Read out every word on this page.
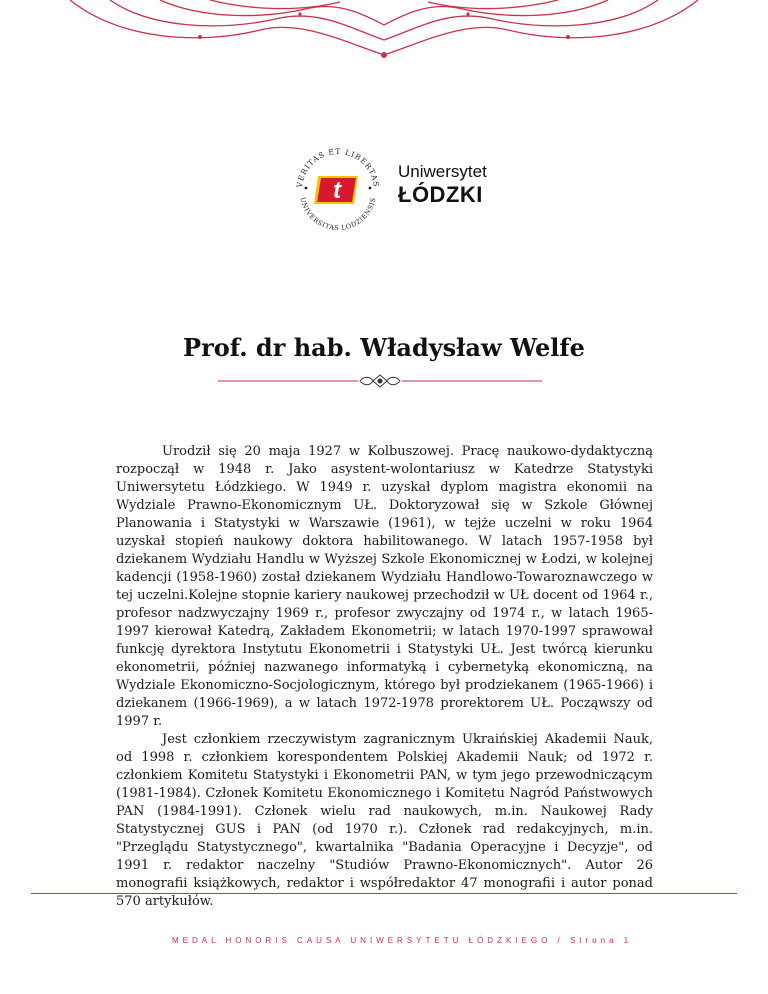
VERITAS ET LIBERTAS
UNIVERSITAS LODZIENSIS
t
Uniwersytet
ŁÓDZKI
Prof. dr hab. Władysław Welfe

Urodził się 20 maja 1927 w Kolbuszowej. Pracę naukowo-dydaktyczną rozpoczął w 1948 r. Jako asystent-wolontariusz w Katedrze Statystyki Uniwersytetu Łódzkiego. W 1949 r. uzyskał dyplom magistra ekonomii na Wydziale Prawno-Ekonomicznym UŁ. Doktoryzował się w Szkole Głównej Planowania i Statystyki w Warszawie (1961), w tejże uczelni w roku 1964 uzyskał stopień naukowy doktora habilitowanego. W latach 1957-1958 był dziekanem Wydziału Handlu w Wyższej Szkole Ekonomicznej w Łodzi, w kolejnej kadencji (1958-1960) został dziekanem Wydziału Handlowo-Towaroznawczego w tej uczelni.Kolejne stopnie kariery naukowej przechodził w UŁ docent od 1964 r., profesor nadzwyczajny 1969 r., profesor zwyczajny od 1974 r., w latach 1965-1997 kierował Katedrą, Zakładem Ekonometrii; w latach 1970-1997 sprawował funkcję dyrektora Instytutu Ekonometrii i Statystyki UŁ. Jest twórcą kierunku ekonometrii, później nazwanego informatyką i cybernetyką ekonomiczną, na Wydziale Ekonomiczno-Socjologicznym, którego był prodziekanem (1965-1966) i dziekanem (1966-1969), a w latach 1972-1978 prorektorem UŁ. Począwszy od 1997 r.

Jest członkiem rzeczywistym zagranicznym Ukraińskiej Akademii Nauk, od 1998 r. członkiem korespondentem Polskiej Akademii Nauk; od 1972 r. członkiem Komitetu Statystyki i Ekonometrii PAN, w tym jego przewodniczącym (1981-1984). Członek Komitetu Ekonomicznego i Komitetu Nagród Państwowych PAN (1984-1991). Członek wielu rad naukowych, m.in. Naukowej Rady Statystycznej GUS i PAN (od 1970 r.). Członek rad redakcyjnych, m.in. "Przeglądu Statystycznego", kwartalnika "Badania Operacyjne i Decyzje", od 1991 r. redaktor naczelny "Studiów Prawno-Ekonomicznych". Autor 26 monografii książkowych, redaktor i współredaktor 47 monografii i autor ponad 570 artykułów.

MEDAL HONORIS CAUSA UNIWERSYTETU ŁÓDZKIEGO / Strona 1
